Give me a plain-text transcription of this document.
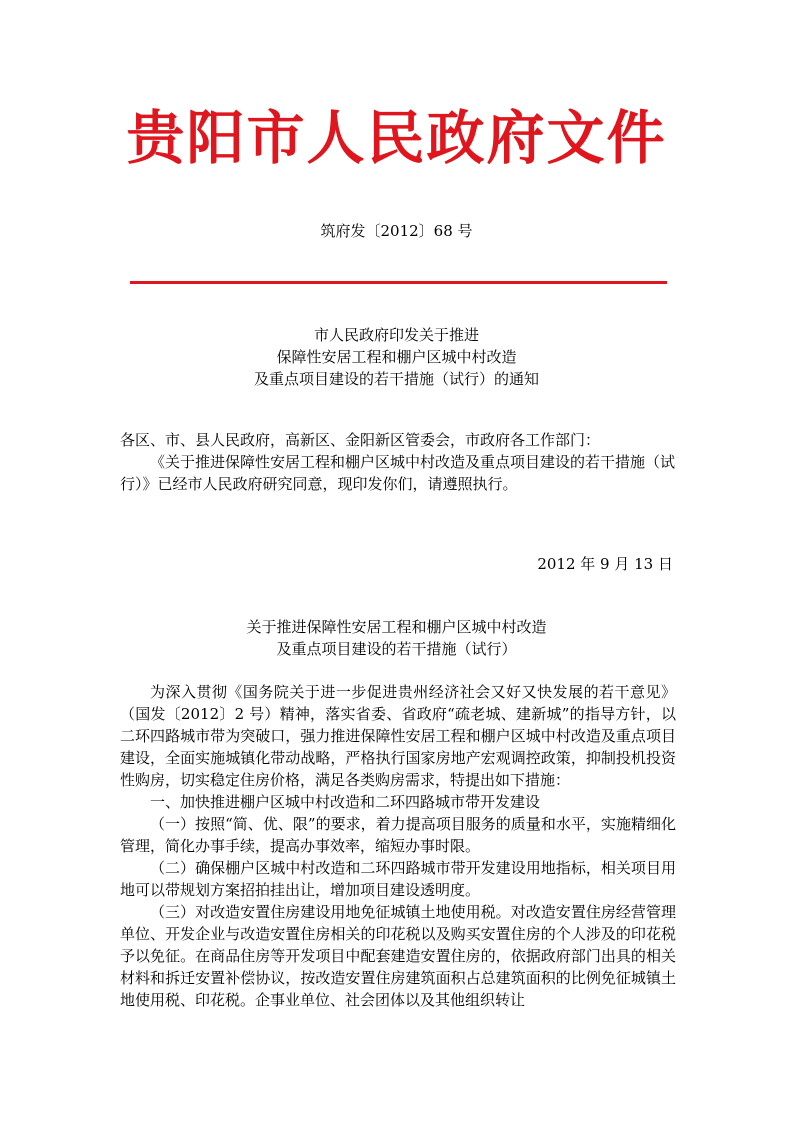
贵阳市人民政府文件
筑府发〔2012〕68 号
市人民政府印发关于推进
保障性安居工程和棚户区城中村改造
及重点项目建设的若干措施（试行）的通知
各区、市、县人民政府，高新区、金阳新区管委会，市政府各工作部门：
《关于推进保障性安居工程和棚户区城中村改造及重点项目建设的若干措施（试行）》已经市人民政府研究同意，现印发你们，请遵照执行。
2012 年 9 月 13 日
关于推进保障性安居工程和棚户区城中村改造
及重点项目建设的若干措施（试行）

为深入贯彻《国务院关于进一步促进贵州经济社会又好又快发展的若干意见》（国发〔2012〕2 号）精神，落实省委、省政府“疏老城、建新城”的指导方针，以二环四路城市带为突破口，强力推进保障性安居工程和棚户区城中村改造及重点项目建设，全面实施城镇化带动战略，严格执行国家房地产宏观调控政策，抑制投机投资性购房，切实稳定住房价格，满足各类购房需求，特提出如下措施：

一、加快推进棚户区城中村改造和二环四路城市带开发建设

（一）按照“简、优、限”的要求，着力提高项目服务的质量和水平，实施精细化管理，简化办事手续，提高办事效率，缩短办事时限。

（二）确保棚户区城中村改造和二环四路城市带开发建设用地指标，相关项目用地可以带规划方案招拍挂出让，增加项目建设透明度。

（三）对改造安置住房建设用地免征城镇土地使用税。对改造安置住房经营管理单位、开发企业与改造安置住房相关的印花税以及购买安置住房的个人涉及的印花税予以免征。在商品住房等开发项目中配套建造安置住房的，依据政府部门出具的相关材料和拆迁安置补偿协议，按改造安置住房建筑面积占总建筑面积的比例免征城镇土地使用税、印花税。企事业单位、社会团体以及其他组织转让
